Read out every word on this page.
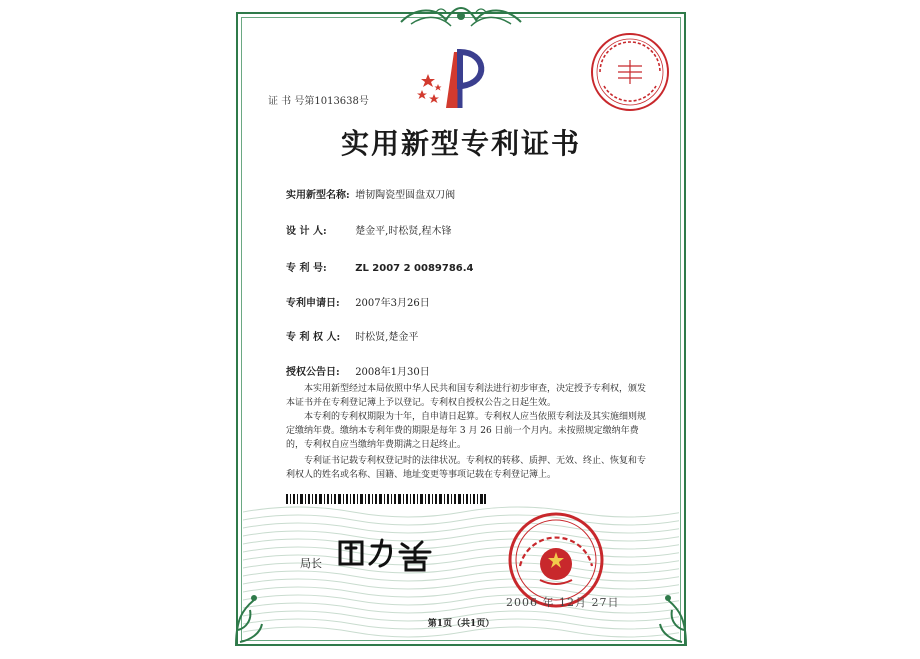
证 书 号第1013638号
实用新型专利证书
实用新型名称: 增韧陶瓷型圆盘双刀阀
设 计 人:	楚金平,时松贤,程木锋
专 利 号:	ZL 2007 2 0089786.4
专利申请日: 2007年3月26日
专 利 权 人: 时松贤,楚金平
授权公告日: 2008年1月30日
本实用新型经过本局依照中华人民共和国专利法进行初步审查，决定授予专利权，颁发本证书并在专利登记簿上予以登记。专利权自授权公告之日起生效。
本专利的专利权期限为十年，自申请日起算。专利权人应当依照专利法及其实施细则规定缴纳年费。缴纳本专利年费的期限是每年 3 月 26 日前一个月内。未按照规定缴纳年费的，专利权自应当缴纳年费期满之日起终止。
专利证书记载专利权登记时的法律状况。专利权的转移、质押、无效、终止、恢复和专利权人的姓名或名称、国籍、地址变更等事项记载在专利登记簿上。
局长
2006 年 12月 27日
第1页（共1页）
